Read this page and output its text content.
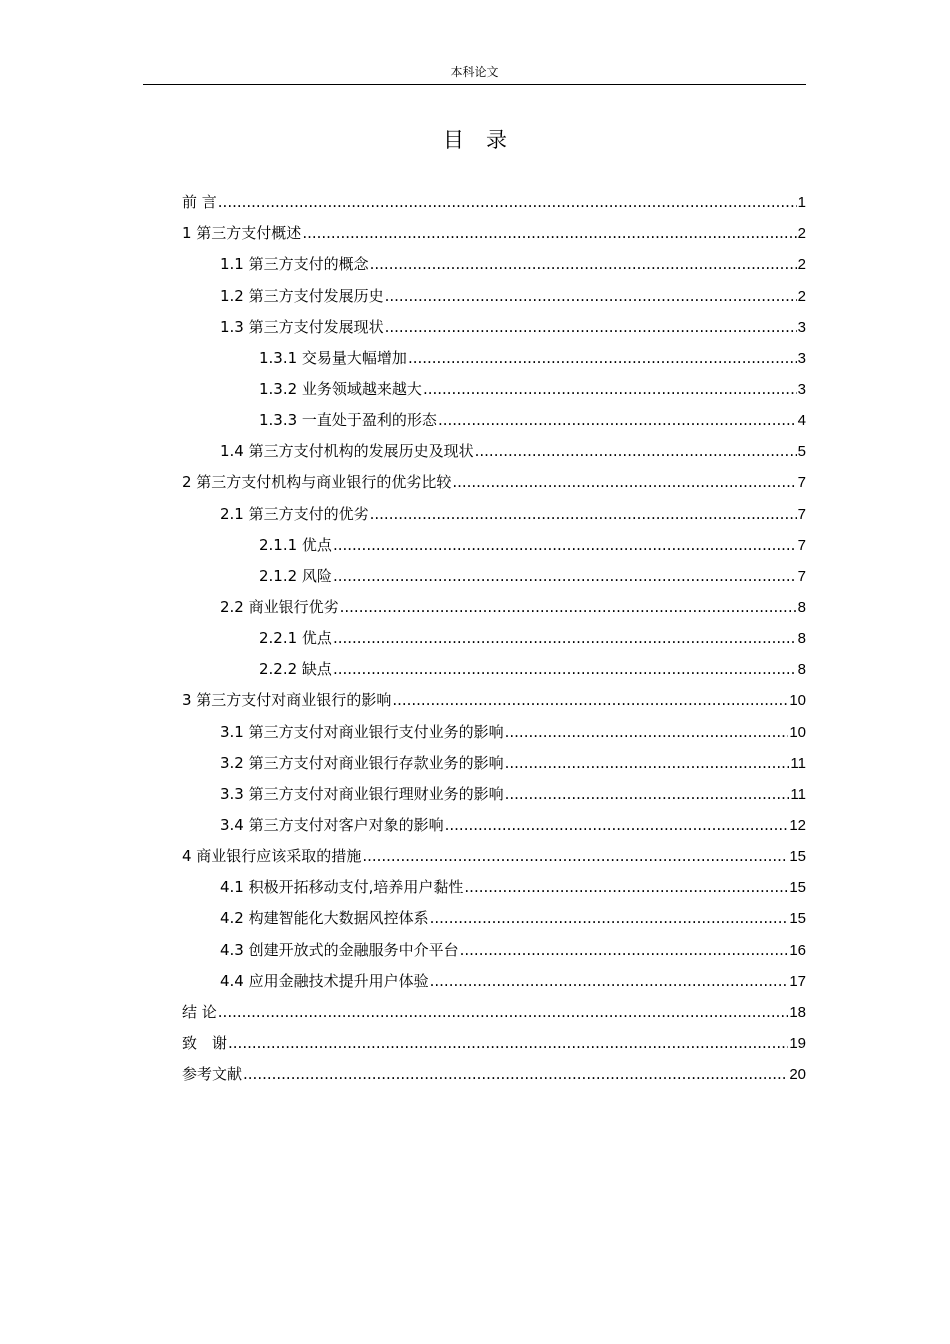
本科论文
目录
前 言 .....	1
1 第三方支付概述 .....	2
1.1 第三方支付的概念 .....	2
1.2 第三方支付发展历史 .....	2
1.3 第三方支付发展现状 .....	3
1.3.1 交易量大幅增加 .....	3
1.3.2 业务领域越来越大 .....	3
1.3.3 一直处于盈利的形态 .....	4
1.4 第三方支付机构的发展历史及现状 .....	5
2 第三方支付机构与商业银行的优劣比较 .....	7
2.1 第三方支付的优劣 .....	7
2.1.1 优点 .....	7
2.1.2 风险 .....	7
2.2 商业银行优劣 .....	8
2.2.1 优点 .....	8
2.2.2 缺点 .....	8
3 第三方支付对商业银行的影响 .....	10
3.1 第三方支付对商业银行支付业务的影响 .....	10
3.2 第三方支付对商业银行存款业务的影响 .....	11
3.3 第三方支付对商业银行理财业务的影响 .....	11
3.4 第三方支付对客户对象的影响 .....	12
4 商业银行应该采取的措施 .....	15
4.1 积极开拓移动支付,培养用户黏性 .....	15
4.2 构建智能化大数据风控体系 .....	15
4.3 创建开放式的金融服务中介平台 .....	16
4.4 应用金融技术提升用户体验 .....	17
结 论 .....	18
致　谢 .....	19
参考文献 .....	20
